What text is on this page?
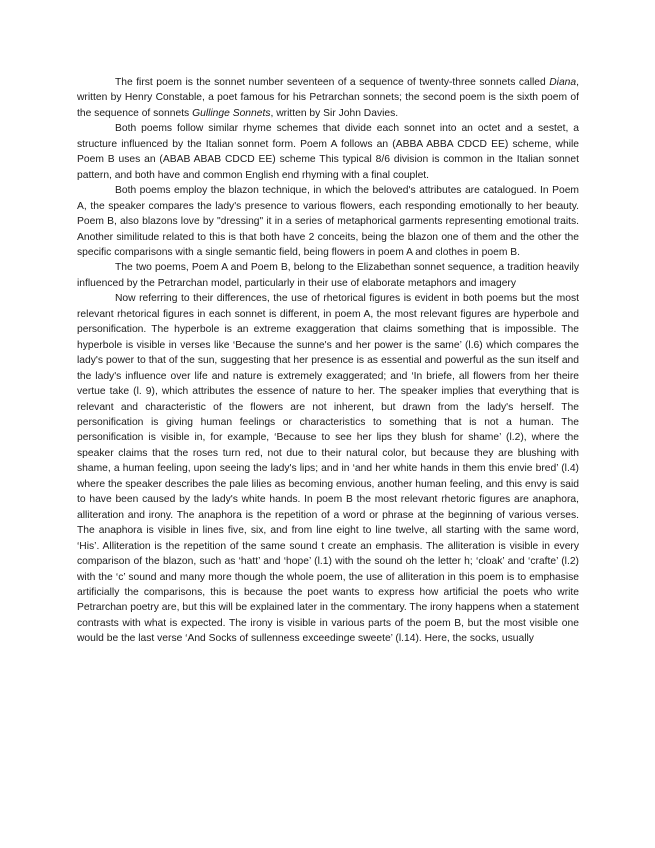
The first poem is the sonnet number seventeen of a sequence of twenty-three sonnets called Diana, written by Henry Constable, a poet famous for his Petrarchan sonnets; the second poem is the sixth poem of the sequence of sonnets Gullinge Sonnets, written by Sir John Davies.

Both poems follow similar rhyme schemes that divide each sonnet into an octet and a sestet, a structure influenced by the Italian sonnet form. Poem A follows an (ABBA ABBA CDCD EE) scheme, while Poem B uses an (ABAB ABAB CDCD EE) scheme This typical 8/6 division is common in the Italian sonnet pattern, and both have and common English end rhyming with a final couplet.

Both poems employ the blazon technique, in which the beloved's attributes are catalogued. In Poem A, the speaker compares the lady's presence to various flowers, each responding emotionally to her beauty. Poem B, also blazons love by "dressing" it in a series of metaphorical garments representing emotional traits. Another similitude related to this is that both have 2 conceits, being the blazon one of them and the other the specific comparisons with a single semantic field, being flowers in poem A and clothes in poem B.

The two poems, Poem A and Poem B, belong to the Elizabethan sonnet sequence, a tradition heavily influenced by the Petrarchan model, particularly in their use of elaborate metaphors and imagery

Now referring to their differences, the use of rhetorical figures is evident in both poems but the most relevant rhetorical figures in each sonnet is different, in poem A, the most relevant figures are hyperbole and personification. The hyperbole is an extreme exaggeration that claims something that is impossible. The hyperbole is visible in verses like ‘Because the sunne's and her power is the same’ (l.6) which compares the lady's power to that of the sun, suggesting that her presence is as essential and powerful as the sun itself and the lady's influence over life and nature is extremely exaggerated; and ‘In briefe, all flowers from her theire vertue take (l. 9), which attributes the essence of nature to her. The speaker implies that everything that is relevant and characteristic of the flowers are not inherent, but drawn from the lady's herself. The personification is giving human feelings or characteristics to something that is not a human. The personification is visible in, for example, ‘Because to see her lips they blush for shame’ (l.2), where the speaker claims that the roses turn red, not due to their natural color, but because they are blushing with shame, a human feeling, upon seeing the lady's lips; and in ‘and her white hands in them this envie bred’ (l.4) where the speaker describes the pale lilies as becoming envious, another human feeling, and this envy is said to have been caused by the lady's white hands. In poem B the most relevant rhetoric figures are anaphora, alliteration and irony. The anaphora is the repetition of a word or phrase at the beginning of various verses. The anaphora is visible in lines five, six, and from line eight to line twelve, all starting with the same word, ‘His’. Alliteration is the repetition of the same sound t create an emphasis. The alliteration is visible in every comparison of the blazon, such as ‘hatt’ and ‘hope’ (l.1) with the sound oh the letter h; ‘cloak’ and ‘crafte’ (l.2) with the ‘c’ sound and many more though the whole poem, the use of alliteration in this poem is to emphasise artificially the comparisons, this is because the poet wants to express how artificial the poets who write Petrarchan poetry are, but this will be explained later in the commentary. The irony happens when a statement contrasts with what is expected. The irony is visible in various parts of the poem B, but the most visible one would be the last verse ‘And Socks of sullenness exceedinge sweete’ (l.14). Here, the socks, usually
